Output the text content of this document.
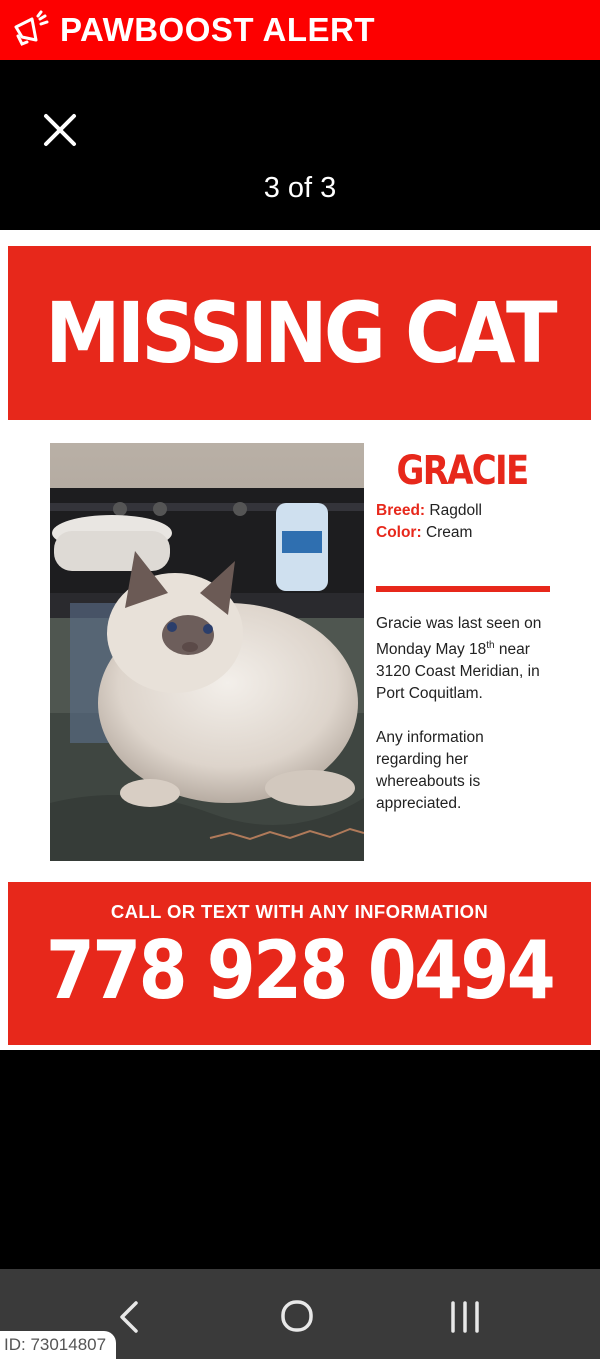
PAWBOOST ALERT
3 of 3
MISSING CAT
GRACIE
Breed: Ragdoll
Color: Cream

Gracie was last seen on
Monday May 18th near
3120 Coast Meridian, in
Port Coquitlam.

Any information
regarding her
whereabouts is
appreciated.

CALL OR TEXT WITH ANY INFORMATION
778 928 0494
ID: 73014807
